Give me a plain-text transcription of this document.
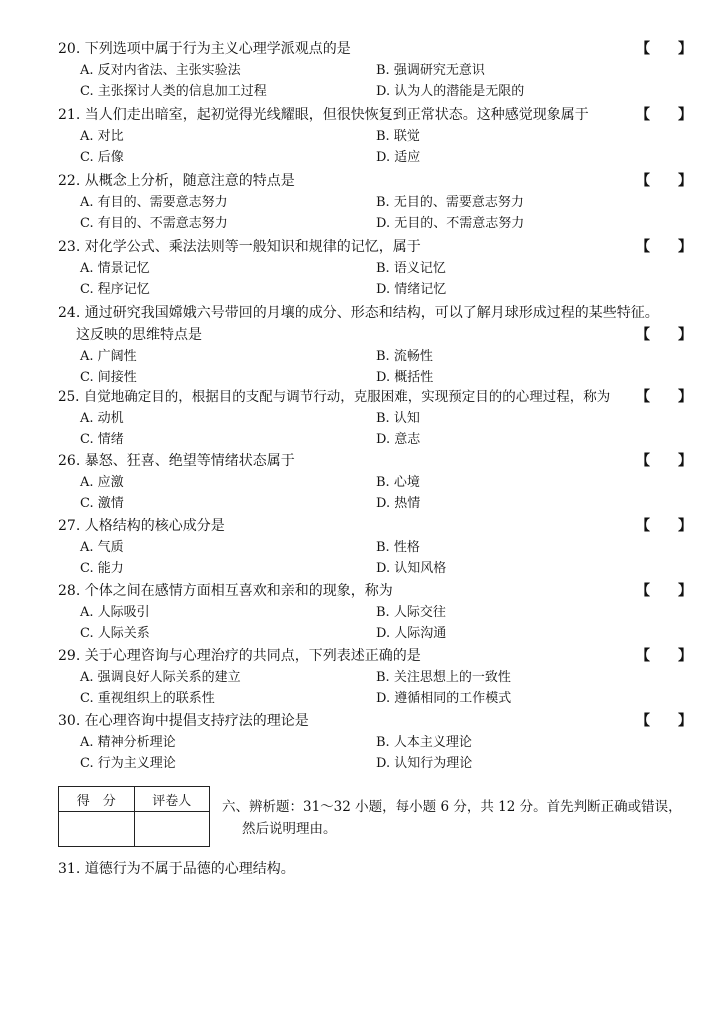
20. 下列选项中属于行为主义心理学派观点的是	【　　】
A. 反对内省法、主张实验法	B. 强调研究无意识
C. 主张探讨人类的信息加工过程	D. 认为人的潜能是无限的
21. 当人们走出暗室，起初觉得光线耀眼，但很快恢复到正常状态。这种感觉现象属于	【　　】
A. 对比	B. 联觉
C. 后像	D. 适应
22. 从概念上分析，随意注意的特点是	【　　】
A. 有目的、需要意志努力	B. 无目的、需要意志努力
C. 有目的、不需意志努力	D. 无目的、不需意志努力
23. 对化学公式、乘法法则等一般知识和规律的记忆，属于	【　　】
A. 情景记忆	B. 语义记忆
C. 程序记忆	D. 情绪记忆
24. 通过研究我国嫦娥六号带回的月壤的成分、形态和结构，可以了解月球形成过程的某些特征。
这反映的思维特点是	【　　】
A. 广阔性	B. 流畅性
C. 间接性	D. 概括性
25. 自觉地确定目的，根据目的支配与调节行动，克服困难，实现预定目的的心理过程，称为 【　　】
A. 动机	B. 认知
C. 情绪	D. 意志
26. 暴怒、狂喜、绝望等情绪状态属于	【　　】
A. 应激	B. 心境
C. 激情	D. 热情
27. 人格结构的核心成分是	【　　】
A. 气质	B. 性格
C. 能力	D. 认知风格
28. 个体之间在感情方面相互喜欢和亲和的现象，称为	【　　】
A. 人际吸引	B. 人际交往
C. 人际关系	D. 人际沟通
29. 关于心理咨询与心理治疗的共同点，下列表述正确的是	【　　】
A. 强调良好人际关系的建立	B. 关注思想上的一致性
C. 重视组织上的联系性	D. 遵循相同的工作模式
30. 在心理咨询中提倡支持疗法的理论是	【　　】
A. 精神分析理论	B. 人本主义理论
C. 行为主义理论	D. 认知行为理论
得　分	评卷人
	六、辨析题：31～32 小题，每小题 6 分，共 12 分。首先判断正确或错误，
然后说明理由。
31. 道德行为不属于品德的心理结构。
